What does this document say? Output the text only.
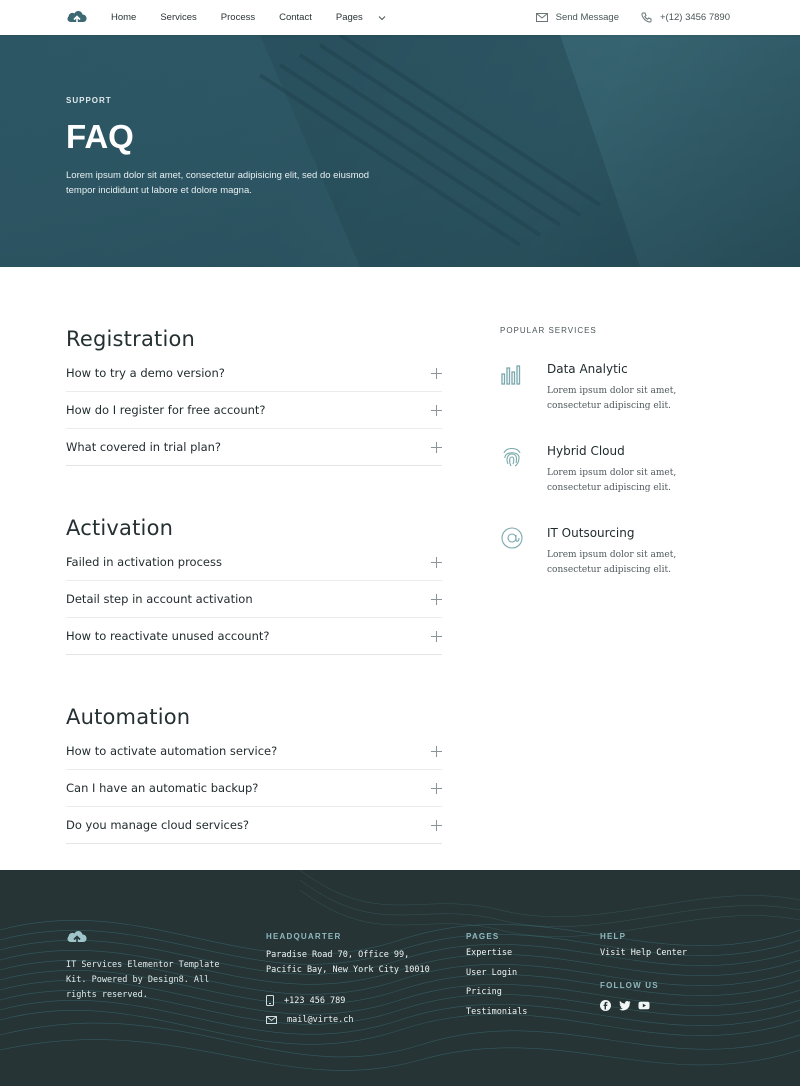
Home	Services	Process	Contact	Pages	Send Message	+(12) 3456 7890
SUPPORT
FAQ
Lorem ipsum dolor sit amet, consectetur adipisicing elit, sed do eiusmod tempor incididunt ut labore et dolore magna.
Registration
How to try a demo version?
How do I register for free account?
What covered in trial plan?
Activation
Failed in activation process
Detail step in account activation
How to reactivate unused account?
Automation
How to activate automation service?
Can I have an automatic backup?
Do you manage cloud services?
POPULAR SERVICES
Data Analytic
Lorem ipsum dolor sit amet, consectetur adipiscing elit.
Hybrid Cloud
Lorem ipsum dolor sit amet, consectetur adipiscing elit.
IT Outsourcing
Lorem ipsum dolor sit amet, consectetur adipiscing elit.
IT Services Elementor Template Kit. Powered by Design8. All rights reserved.
HEADQUARTER
Paradise Road 70, Office 99, Pacific Bay, New York City 10010
+123 456 789
mail@virte.ch
PAGES
Expertise
User Login
Pricing
Testimonials
HELP
Visit Help Center
FOLLOW US
